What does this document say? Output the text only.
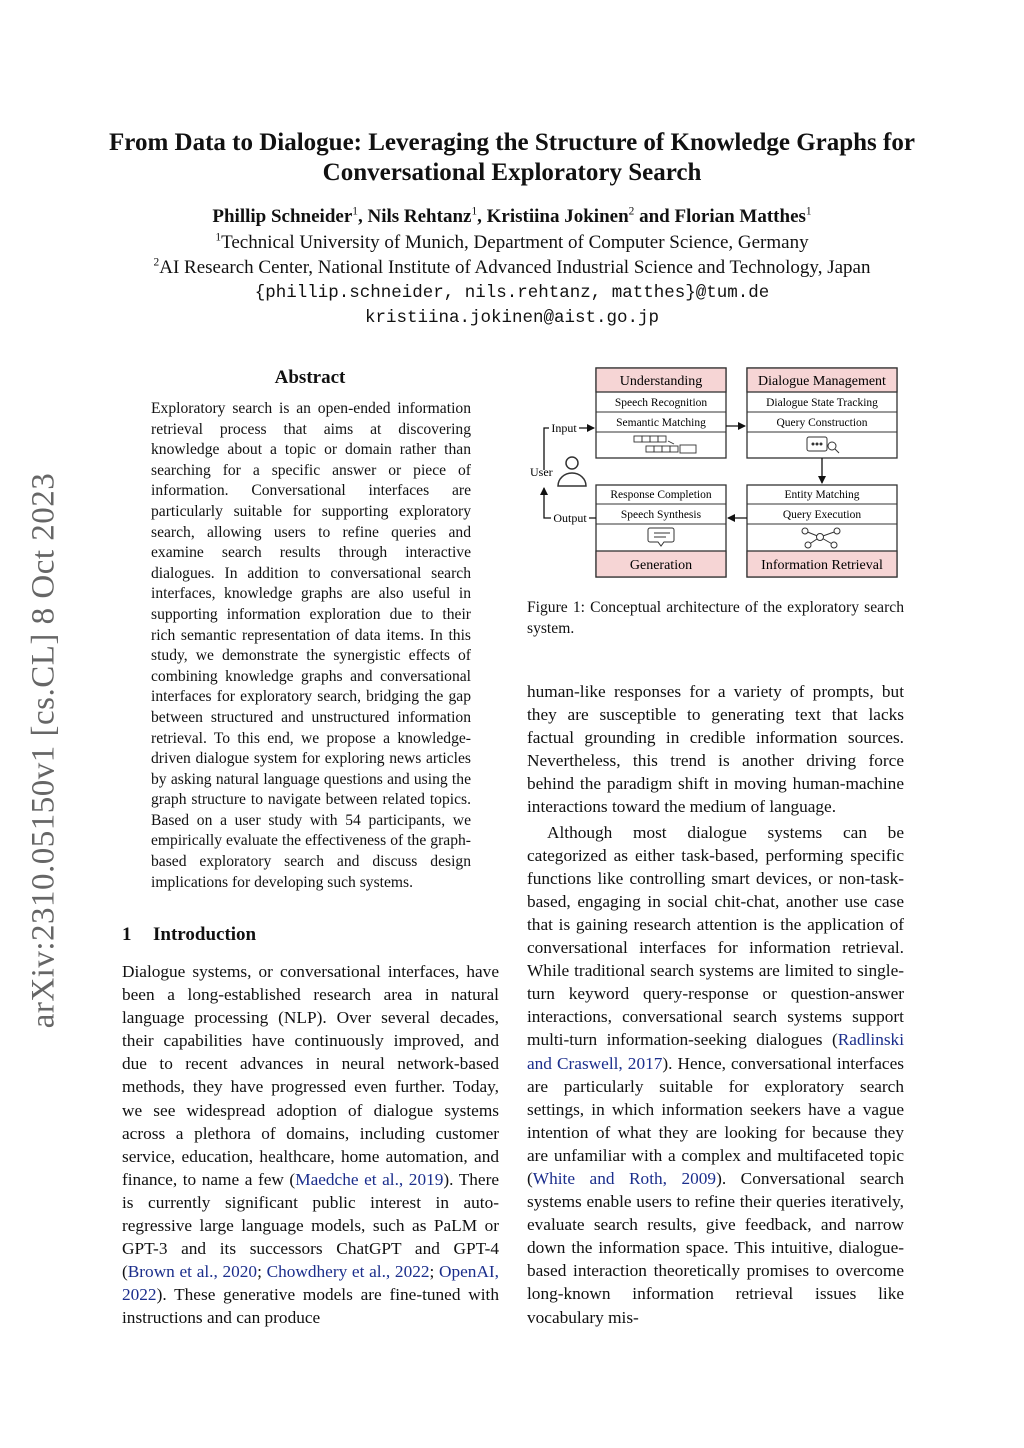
arXiv:2310.05150v1 [cs.CL] 8 Oct 2023
From Data to Dialogue: Leveraging the Structure of Knowledge Graphs for
Conversational Exploratory Search
Phillip Schneider$^1$, Nils Rehtanz$^1$, Kristiina Jokinen$^2$ and Florian Matthes$^1$
$^1$Technical University of Munich, Department of Computer Science, Germany
$^2$AI Research Center, National Institute of Advanced Industrial Science and Technology, Japan
{phillip.schneider, nils.rehtanz, matthes}@tum.de
kristiina.jokinen@aist.go.jp
Abstract

Exploratory search is an open-ended information retrieval process that aims at discovering knowledge about a topic or domain rather than searching for a specific answer or piece of information. Conversational interfaces are particularly suitable for supporting exploratory search, allowing users to refine queries and examine search results through interactive dialogues. In addition to conversational search interfaces, knowledge graphs are also useful in supporting information exploration due to their rich semantic representation of data items. In this study, we demonstrate the synergistic effects of combining knowledge graphs and conversational interfaces for exploratory search, bridging the gap between structured and unstructured information retrieval. To this end, we propose a knowledge-driven dialogue system for exploring news articles by asking natural language questions and using the graph structure to navigate between related topics. Based on a user study with 54 participants, we empirically evaluate the effectiveness of the graph-based exploratory search and discuss design implications for developing such systems.

1 Introduction

Dialogue systems, or conversational interfaces, have been a long-established research area in natural language processing (NLP). Over several decades, their capabilities have continuously improved, and due to recent advances in neural network-based methods, they have progressed even further. Today, we see widespread adoption of dialogue systems across a plethora of domains, including customer service, education, healthcare, home automation, and finance, to name a few (Maedche et al., 2019). There is currently significant public interest in auto-regressive large language models, such as PaLM or GPT-3 and its successors ChatGPT and GPT-4 (Brown et al., 2020; Chowdhery et al., 2022; OpenAI, 2022). These generative models are fine-tuned with instructions and can produce

human-like responses for a variety of prompts, but they are susceptible to generating text that lacks factual grounding in credible information sources. Nevertheless, this trend is another driving force behind the paradigm shift in moving human-machine interactions toward the medium of language.

Although most dialogue systems can be categorized as either task-based, performing specific functions like controlling smart devices, or non-task-based, engaging in social chit-chat, another use case that is gaining research attention is the application of conversational interfaces for information retrieval. While traditional search systems are limited to single-turn keyword query-response or question-answer interactions, conversational search systems support multi-turn information-seeking dialogues (Radlinski and Craswell, 2017). Hence, conversational interfaces are particularly suitable for exploratory search settings, in which information seekers have a vague intention of what they are looking for because they are unfamiliar with a complex and multifaceted topic (White and Roth, 2009). Conversational search systems enable users to refine their queries iteratively, evaluate search results, give feedback, and narrow down the information space. This intuitive, dialogue-based interaction theoretically promises to overcome long-known information retrieval issues like vocabulary mis-

Understanding
Speech Recognition
Semantic Matching
Dialogue Management
Dialogue State Tracking
Query Construction
Response Completion
Speech Synthesis
Generation
Entity Matching
Query Execution
Information Retrieval
Input
Output
User

Figure 1: Conceptual architecture of the exploratory search system.
